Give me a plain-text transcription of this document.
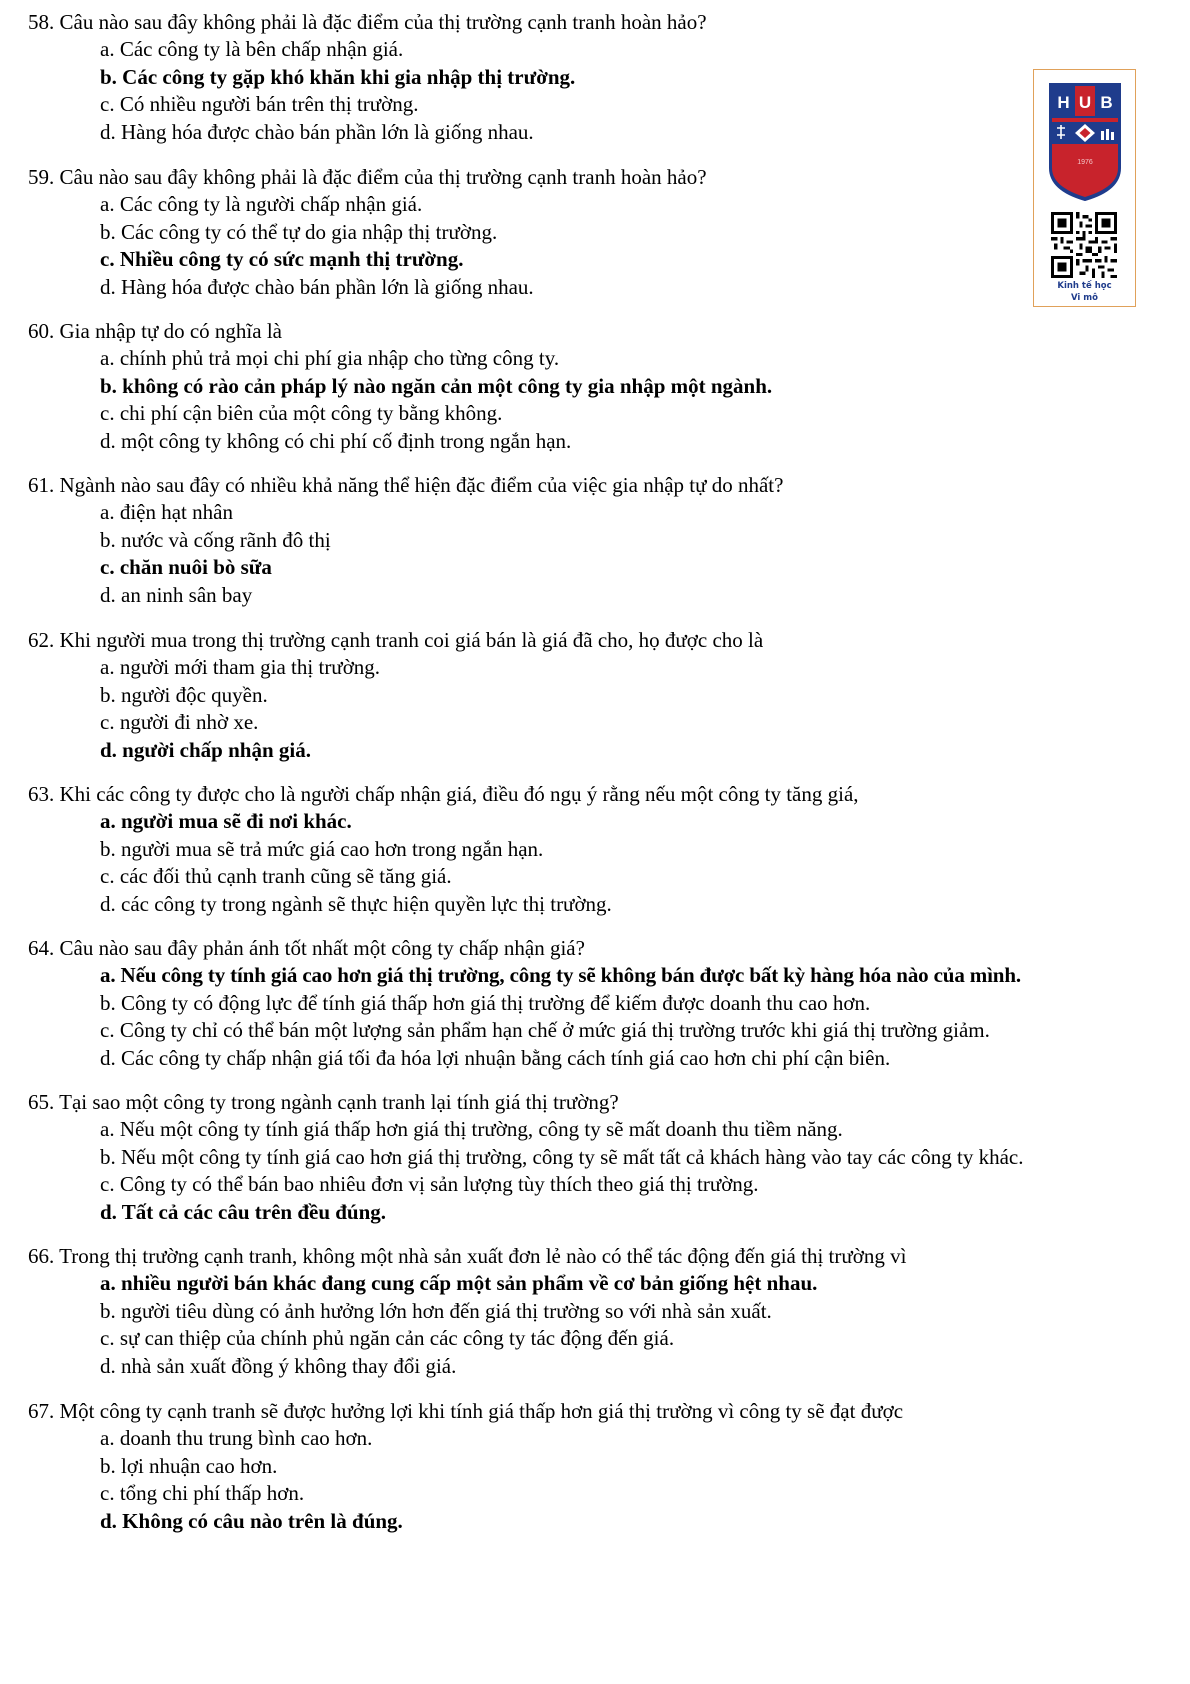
58. Câu nào sau đây không phải là đặc điểm của thị trường cạnh tranh hoàn hảo?
a. Các công ty là bên chấp nhận giá.
b. Các công ty gặp khó khăn khi gia nhập thị trường.
c. Có nhiều người bán trên thị trường.
d. Hàng hóa được chào bán phần lớn là giống nhau.
59. Câu nào sau đây không phải là đặc điểm của thị trường cạnh tranh hoàn hảo?
a. Các công ty là người chấp nhận giá.
b. Các công ty có thể tự do gia nhập thị trường.
c. Nhiều công ty có sức mạnh thị trường.
d. Hàng hóa được chào bán phần lớn là giống nhau.
60. Gia nhập tự do có nghĩa là
a. chính phủ trả mọi chi phí gia nhập cho từng công ty.
b. không có rào cản pháp lý nào ngăn cản một công ty gia nhập một ngành.
c. chi phí cận biên của một công ty bằng không.
d. một công ty không có chi phí cố định trong ngắn hạn.
61. Ngành nào sau đây có nhiều khả năng thể hiện đặc điểm của việc gia nhập tự do nhất?
a. điện hạt nhân
b. nước và cống rãnh đô thị
c. chăn nuôi bò sữa
d. an ninh sân bay
62. Khi người mua trong thị trường cạnh tranh coi giá bán là giá đã cho, họ được cho là
a. người mới tham gia thị trường.
b. người độc quyền.
c. người đi nhờ xe.
d. người chấp nhận giá.
63. Khi các công ty được cho là người chấp nhận giá, điều đó ngụ ý rằng nếu một công ty tăng giá,
a. người mua sẽ đi nơi khác.
b. người mua sẽ trả mức giá cao hơn trong ngắn hạn.
c. các đối thủ cạnh tranh cũng sẽ tăng giá.
d. các công ty trong ngành sẽ thực hiện quyền lực thị trường.
64. Câu nào sau đây phản ánh tốt nhất một công ty chấp nhận giá?
a. Nếu công ty tính giá cao hơn giá thị trường, công ty sẽ không bán được bất kỳ hàng hóa nào của mình.
b. Công ty có động lực để tính giá thấp hơn giá thị trường để kiếm được doanh thu cao hơn.
c. Công ty chỉ có thể bán một lượng sản phẩm hạn chế ở mức giá thị trường trước khi giá thị trường giảm.
d. Các công ty chấp nhận giá tối đa hóa lợi nhuận bằng cách tính giá cao hơn chi phí cận biên.
65. Tại sao một công ty trong ngành cạnh tranh lại tính giá thị trường?
a. Nếu một công ty tính giá thấp hơn giá thị trường, công ty sẽ mất doanh thu tiềm năng.
b. Nếu một công ty tính giá cao hơn giá thị trường, công ty sẽ mất tất cả khách hàng vào tay các công ty khác.
c. Công ty có thể bán bao nhiêu đơn vị sản lượng tùy thích theo giá thị trường.
d. Tất cả các câu trên đều đúng.
66. Trong thị trường cạnh tranh, không một nhà sản xuất đơn lẻ nào có thể tác động đến giá thị trường vì
a. nhiều người bán khác đang cung cấp một sản phẩm về cơ bản giống hệt nhau.
b. người tiêu dùng có ảnh hưởng lớn hơn đến giá thị trường so với nhà sản xuất.
c. sự can thiệp của chính phủ ngăn cản các công ty tác động đến giá.
d. nhà sản xuất đồng ý không thay đổi giá.
67. Một công ty cạnh tranh sẽ được hưởng lợi khi tính giá thấp hơn giá thị trường vì công ty sẽ đạt được
a. doanh thu trung bình cao hơn.
b. lợi nhuận cao hơn.
c. tổng chi phí thấp hơn.
d. Không có câu nào trên là đúng.
H U B
1976
Kinh tế học
Vi mô
